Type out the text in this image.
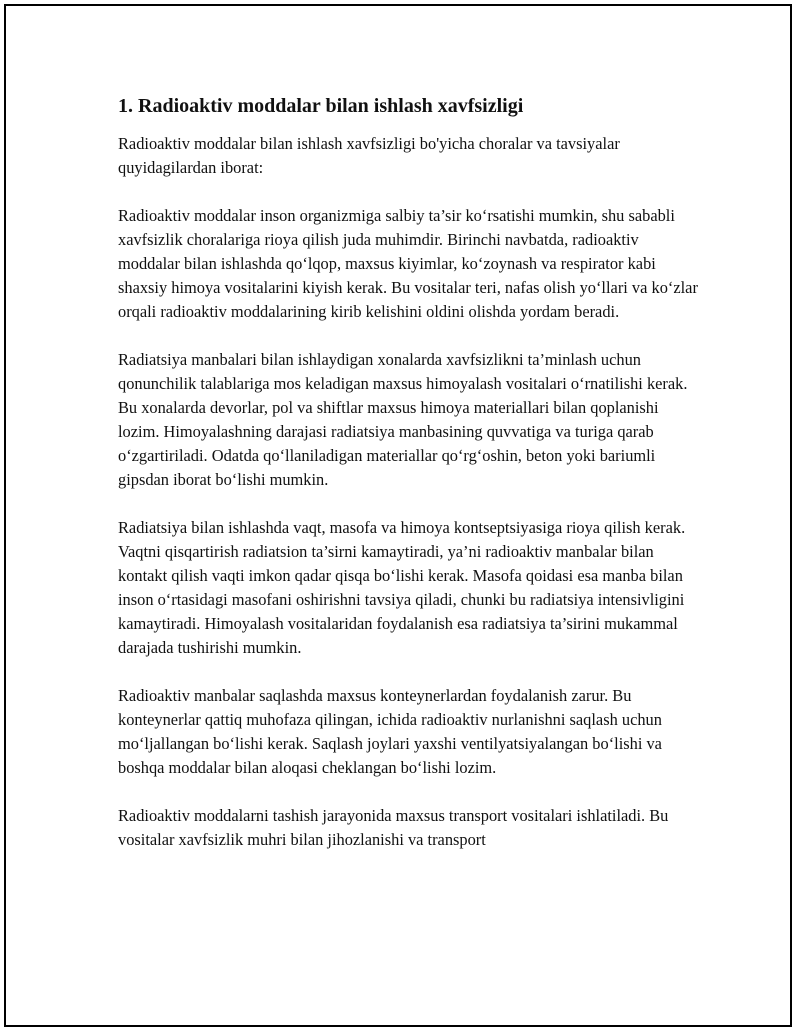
1. Radioaktiv moddalar bilan ishlash xavfsizligi

Radioaktiv moddalar bilan ishlash xavfsizligi bo'yicha choralar va tavsiyalar quyidagilardan iborat:

Radioaktiv moddalar inson organizmiga salbiy ta’sir ko‘rsatishi mumkin, shu sababli xavfsizlik choralariga rioya qilish juda muhimdir. Birinchi navbatda, radioaktiv moddalar bilan ishlashda qo‘lqop, maxsus kiyimlar, ko‘zoynash va respirator kabi shaxsiy himoya vositalarini kiyish kerak. Bu vositalar teri, nafas olish yo‘llari va ko‘zlar orqali radioaktiv moddalarining kirib kelishini oldini olishda yordam beradi.

Radiatsiya manbalari bilan ishlaydigan xonalarda xavfsizlikni ta’minlash uchun qonunchilik talablariga mos keladigan maxsus himoyalash vositalari o‘rnatilishi kerak. Bu xonalarda devorlar, pol va shiftlar maxsus himoya materiallari bilan qoplanishi lozim. Himoyalashning darajasi radiatsiya manbasining quvvatiga va turiga qarab o‘zgartiriladi. Odatda qo‘llaniladigan materiallar qo‘rg‘oshin, beton yoki bariumli gipsdan iborat bo‘lishi mumkin.

Radiatsiya bilan ishlashda vaqt, masofa va himoya kontseptsiyasiga rioya qilish kerak. Vaqtni qisqartirish radiatsion ta’sirni kamaytiradi, ya’ni radioaktiv manbalar bilan kontakt qilish vaqti imkon qadar qisqa bo‘lishi kerak. Masofa qoidasi esa manba bilan inson o‘rtasidagi masofani oshirishni tavsiya qiladi, chunki bu radiatsiya intensivligini kamaytiradi. Himoyalash vositalaridan foydalanish esa radiatsiya ta’sirini mukammal darajada tushirishi mumkin.

Radioaktiv manbalar saqlashda maxsus konteynerlardan foydalanish zarur. Bu konteynerlar qattiq muhofaza qilingan, ichida radioaktiv nurlanishni saqlash uchun mo‘ljallangan bo‘lishi kerak. Saqlash joylari yaxshi ventilyatsiyalangan bo‘lishi va boshqa moddalar bilan aloqasi cheklangan bo‘lishi lozim.

Radioaktiv moddalarni tashish jarayonida maxsus transport vositalari ishlatiladi. Bu vositalar xavfsizlik muhri bilan jihozlanishi va transport
